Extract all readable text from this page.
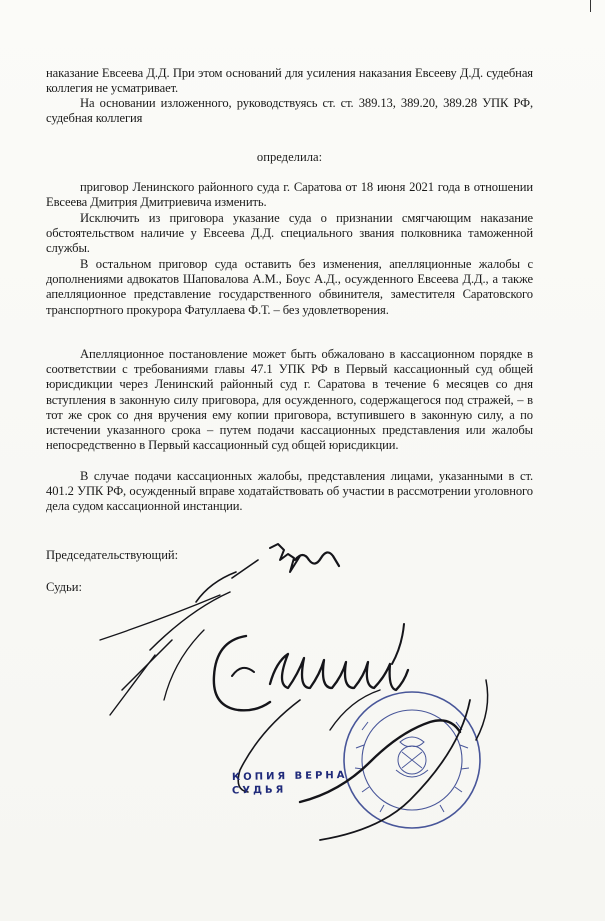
наказание Евсеева Д.Д. При этом оснований для усиления наказания Евсееву Д.Д. судебная коллегия не усматривает.

На основании изложенного, руководствуясь ст. ст. 389.13, 389.20, 389.28 УПК РФ, судебная коллегия

определила:

приговор Ленинского районного суда г. Саратова от 18 июня 2021 года в отношении Евсеева Дмитрия Дмитриевича изменить.

Исключить из приговора указание суда о признании смягчающим наказание обстоятельством наличие у Евсеева Д.Д. специального звания полковника таможенной службы.

В остальном приговор суда оставить без изменения, апелляционные жалобы с дополнениями адвокатов Шаповалова А.М., Боус А.Д., осужденного Евсеева Д.Д., а также апелляционное представление государственного обвинителя, заместителя Саратовского транспортного прокурора Фатуллаева Ф.Т. – без удовлетворения.

Апелляционное постановление может быть обжаловано в кассационном порядке в соответствии с требованиями главы 47.1 УПК РФ в Первый кассационный суд общей юрисдикции через Ленинский районный суд г. Саратова в течение 6 месяцев со дня вступления в законную силу приговора, для осужденного, содержащегося под стражей, – в тот же срок со дня вручения ему копии приговора, вступившего в законную силу, а по истечении указанного срока – путем подачи кассационных представления или жалобы непосредственно в Первый кассационный суд общей юрисдикции.

В случае подачи кассационных жалобы, представления лицами, указанными в ст. 401.2 УПК РФ, осужденный вправе ходатайствовать об участии в рассмотрении уголовного дела судом кассационной инстанции.

Председательствующий:

Судьи:

КОПИЯ ВЕРНА

СУДЬЯ
